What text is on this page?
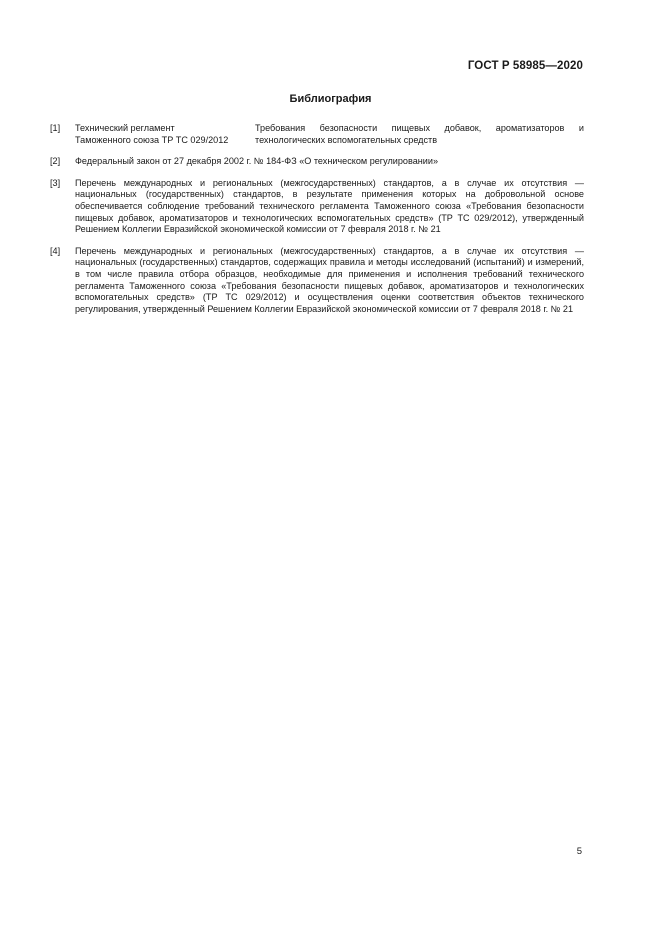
ГОСТ Р 58985—2020
Библиография
[1] Технический регламент
Таможенного союза ТР ТС 029/2012
Требования безопасности пищевых добавок, ароматизаторов и технологических вспомогательных средств
[2] Федеральный закон от 27 декабря 2002 г. № 184-ФЗ «О техническом регулировании»
[3] Перечень международных и региональных (межгосударственных) стандартов, а в случае их отсутствия — национальных (государственных) стандартов, в результате применения которых на добровольной основе обеспечивается соблюдение требований технического регламента Таможенного союза «Требования безопасности пищевых добавок, ароматизаторов и технологических вспомогательных средств» (ТР ТС 029/2012), утвержденный Решением Коллегии Евразийской экономической комиссии от 7 февраля 2018 г. № 21
[4] Перечень международных и региональных (межгосударственных) стандартов, а в случае их отсутствия — национальных (государственных) стандартов, содержащих правила и методы исследований (испытаний) и измерений, в том числе правила отбора образцов, необходимые для применения и исполнения требований технического регламента Таможенного союза «Требования безопасности пищевых добавок, ароматизаторов и технологических вспомогательных средств» (ТР ТС 029/2012) и осуществления оценки соответствия объектов технического регулирования, утвержденный Решением Коллегии Евразийской экономической комиссии от 7 февраля 2018 г. № 21
5
